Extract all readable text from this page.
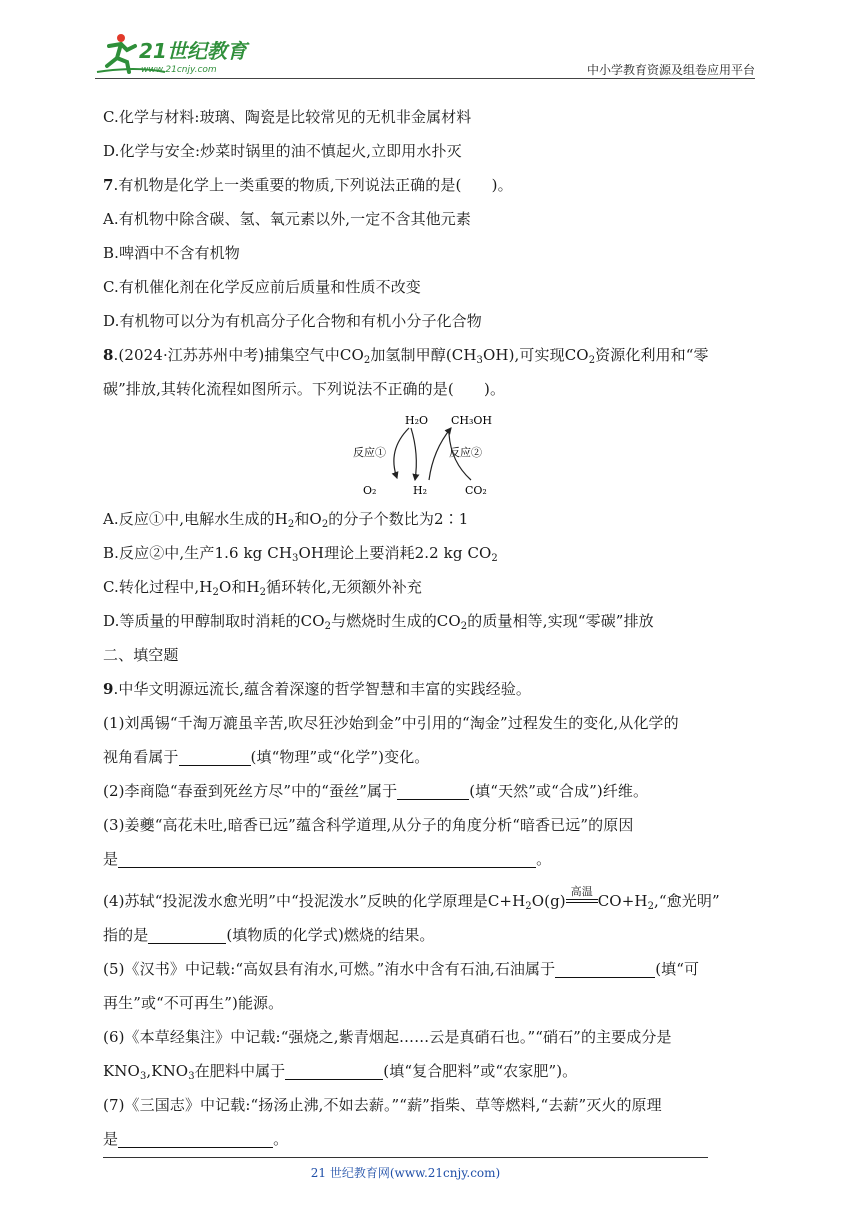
21世纪教育
www.21cnjy.com	中小学教育资源及组卷应用平台
C.化学与材料:玻璃、陶瓷是比较常见的无机非金属材料
D.化学与安全:炒菜时锅里的油不慎起火,立即用水扑灭
7.有机物是化学上一类重要的物质,下列说法正确的是(　　)。
A.有机物中除含碳、氢、氧元素以外,一定不含其他元素
B.啤酒中不含有机物
C.有机催化剂在化学反应前后质量和性质不改变
D.有机物可以分为有机高分子化合物和有机小分子化合物
8.(2024·江苏苏州中考)捕集空气中$CO_2$加氢制甲醇$(CH_3OH)$,可实现$CO_2$资源化利用和“零
碳”排放,其转化流程如图所示。下列说法不正确的是(　　)。
H₂O CH₃OH
反应①	反应②
O₂	H₂	CO₂
A.反应①中,电解水生成的$H_2$和$O_2$的分子个数比为2∶1
B.反应②中,生产1.6 kg $CH_3OH$理论上要消耗2.2 kg $CO_2$
C.转化过程中$,H_2O$和$H_2$循环转化,无须额外补充
D.等质量的甲醇制取时消耗的$CO_2$与燃烧时生成的$CO_2$的质量相等,实现“零碳”排放
二、填空题
9.中华文明源远流长,蕴含着深邃的哲学智慧和丰富的实践经验。
(1)刘禹锡“千淘万漉虽辛苦,吹尽狂沙始到金”中引用的“淘金”过程发生的变化,从化学的
视角看属于	(填“物理”或“化学”)变化。
(2)李商隐“春蚕到死丝方尽”中的“蚕丝”属于	(填“天然”或“合成”)纤维。
(3)姜夔“高花未吐,暗香已远”蕴含科学道理,从分子的角度分析“暗香已远”的原因
是	。
(4)苏轼“投泥泼水愈光明”中“投泥泼水”反映的化学原理是$C+H_2O(g)$
高温
$CO+H_2,“$愈光明”
指的是	(填物质的化学式)燃烧的结果。
(5)《汉书》中记载:“高奴县有洧水,可燃。”洧水中含有石油,石油属于	(填“可
再生”或“不可再生”)能源。
(6)《本草经集注》中记载:“强烧之,紫青烟起……云是真硝石也。”“硝石”的主要成分是
$KNO_3,KNO_3$在肥料中属于	(填“复合肥料”或“农家肥”)。
(7)《三国志》中记载:“扬汤止沸,不如去薪。”“薪”指柴、草等燃料,“去薪”灭火的原理
是	。
21 世纪教育网(www.21cnjy.com)
